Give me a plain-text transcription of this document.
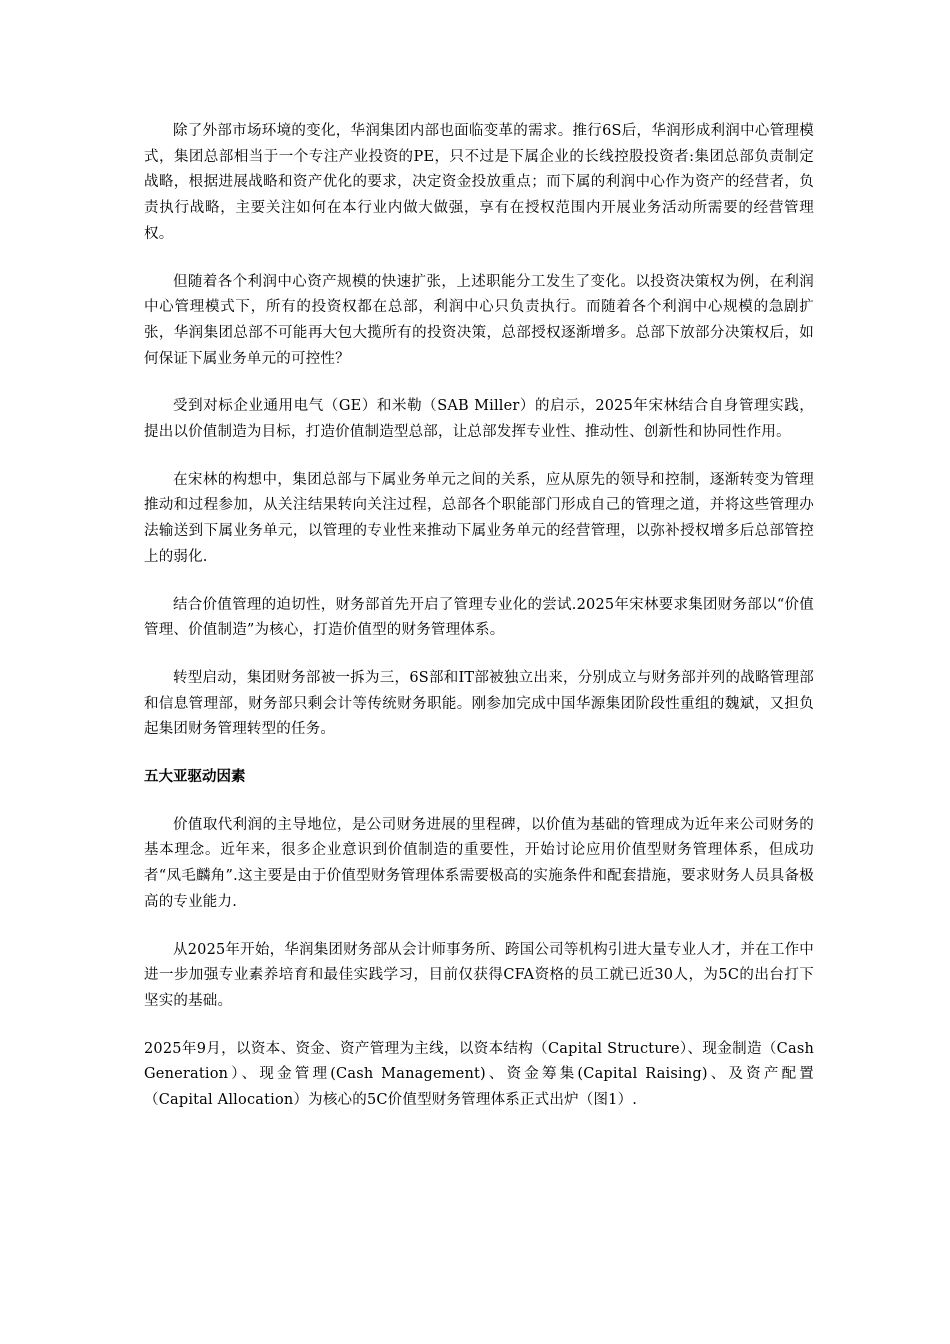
除了外部市场环境的变化，华润集团内部也面临变革的需求。推行6S后，华润形成利润中心管理模式，集团总部相当于一个专注产业投资的PE，只不过是下属企业的长线控股投资者:集团总部负责制定战略，根据进展战略和资产优化的要求，决定资金投放重点；而下属的利润中心作为资产的经营者，负责执行战略，主要关注如何在本行业内做大做强，享有在授权范围内开展业务活动所需要的经营管理权。

但随着各个利润中心资产规模的快速扩张，上述职能分工发生了变化。以投资决策权为例，在利润中心管理模式下，所有的投资权都在总部，利润中心只负责执行。而随着各个利润中心规模的急剧扩张，华润集团总部不可能再大包大揽所有的投资决策，总部授权逐渐增多。总部下放部分决策权后，如何保证下属业务单元的可控性？

受到对标企业通用电气（GE）和米勒（SAB Miller）的启示，2025年宋林结合自身管理实践，提出以价值制造为目标，打造价值制造型总部，让总部发挥专业性、推动性、创新性和协同性作用。

在宋林的构想中，集团总部与下属业务单元之间的关系，应从原先的领导和控制，逐渐转变为管理推动和过程参加，从关注结果转向关注过程，总部各个职能部门形成自己的管理之道，并将这些管理办法输送到下属业务单元，以管理的专业性来推动下属业务单元的经营管理，以弥补授权增多后总部管控上的弱化.

结合价值管理的迫切性，财务部首先开启了管理专业化的尝试.2025年宋林要求集团财务部以“价值管理、价值制造”为核心，打造价值型的财务管理体系。

转型启动，集团财务部被一拆为三，6S部和IT部被独立出来，分别成立与财务部并列的战略管理部和信息管理部，财务部只剩会计等传统财务职能。刚参加完成中国华源集团阶段性重组的魏斌，又担负起集团财务管理转型的任务。

五大亚驱动因素

价值取代利润的主导地位，是公司财务进展的里程碑，以价值为基础的管理成为近年来公司财务的基本理念。近年来，很多企业意识到价值制造的重要性，开始讨论应用价值型财务管理体系，但成功者“凤毛麟角”.这主要是由于价值型财务管理体系需要极高的实施条件和配套措施，要求财务人员具备极高的专业能力.

从2025年开始，华润集团财务部从会计师事务所、跨国公司等机构引进大量专业人才，并在工作中进一步加强专业素养培育和最佳实践学习，目前仅获得CFA资格的员工就已近30人，为5C的出台打下坚实的基础。

2025年9月，以资本、资金、资产管理为主线，以资本结构（Capital Structure）、现金制造（Cash Generation）、现金管理(Cash Management)、资金筹集(Capital Raising)、及资产配置（Capital Allocation）为核心的5C价值型财务管理体系正式出炉（图1）.
